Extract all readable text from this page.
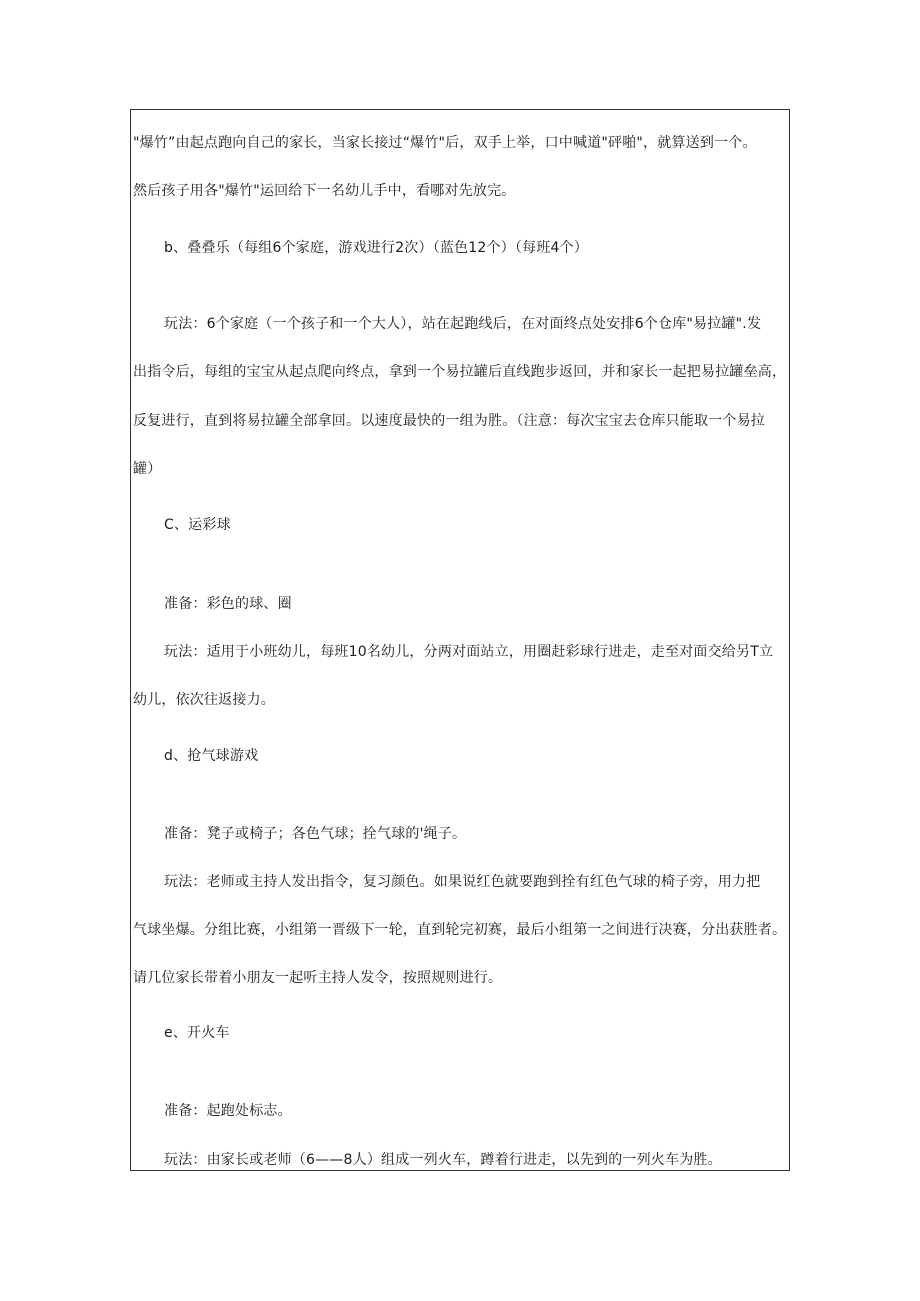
"爆竹”由起点跑向自己的家长，当家长接过“爆竹"后，双手上举，口中喊道"砰啪"，就算送到一个。
然后孩子用各"爆竹"运回给下一名幼儿手中，看哪对先放完。
b、叠叠乐（每组6个家庭，游戏进行2次）（蓝色12个）（每班4个）
玩法：6个家庭（一个孩子和一个大人），站在起跑线后，在对面终点处安排6个仓库"易拉罐".发
出指令后，每组的宝宝从起点爬向终点，拿到一个易拉罐后直线跑步返回，并和家长一起把易拉罐垒高，
反复进行，直到将易拉罐全部拿回。以速度最快的一组为胜。（注意：每次宝宝去仓库只能取一个易拉
罐）
C、运彩球
准备：彩色的球、圈
玩法：适用于小班幼儿，每班10名幼儿，分两对面站立，用圈赶彩球行进走，走至对面交给另T立
幼儿，依次往返接力。
d、抢气球游戏
准备：凳子或椅子；各色气球；拴气球的'绳子。
玩法：老师或主持人发出指令，复习颜色。如果说红色就要跑到拴有红色气球的椅子旁，用力把
气球坐爆。分组比赛，小组第一晋级下一轮，直到轮完初赛，最后小组第一之间进行决赛，分出获胜者。
请几位家长带着小朋友一起听主持人发令，按照规则进行。
e、开火车
准备：起跑处标志。
玩法：由家长或老师（6——8人）组成一列火车，蹲着行进走，以先到的一列火车为胜。
